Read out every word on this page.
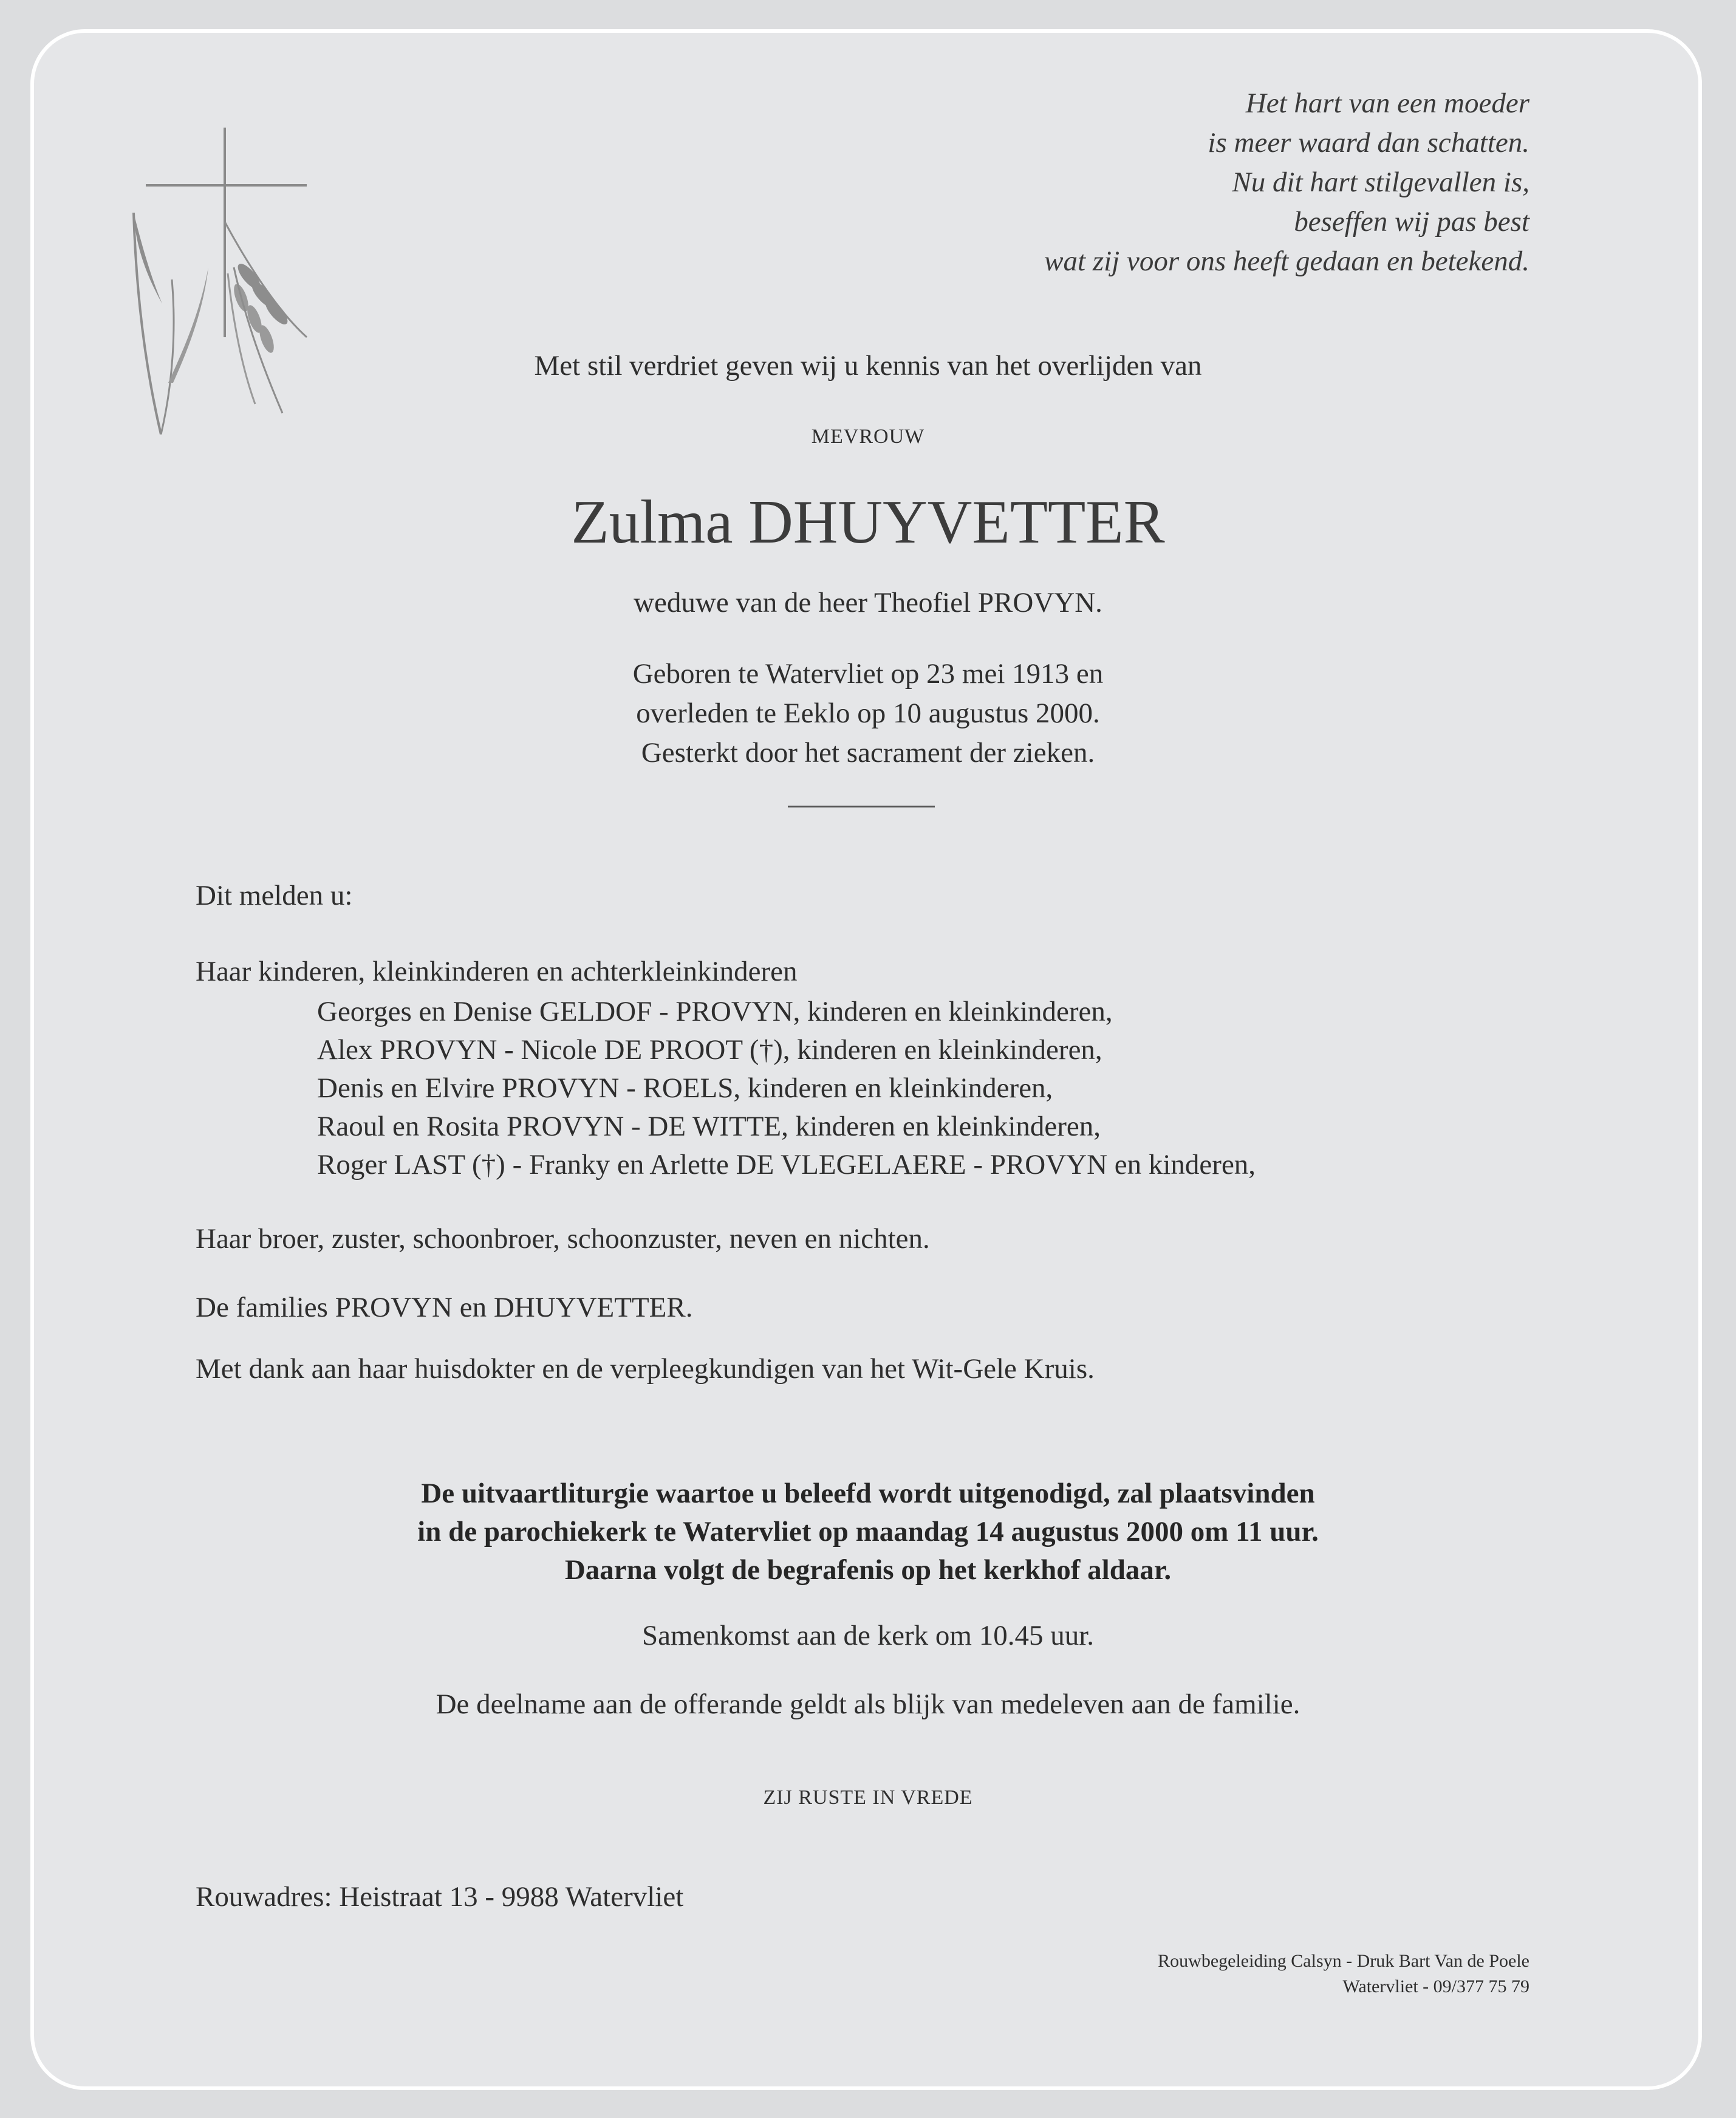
Het hart van een moeder
is meer waard dan schatten.
Nu dit hart stilgevallen is,
beseffen wij pas best
wat zij voor ons heeft gedaan en betekend.
Met stil verdriet geven wij u kennis van het overlijden van
MEVROUW
Zulma DHUYVETTER
weduwe van de heer Theofiel PROVYN.
Geboren te Watervliet op 23 mei 1913 en
overleden te Eeklo op 10 augustus 2000.
Gesterkt door het sacrament der zieken.
Dit melden u:
Haar kinderen, kleinkinderen en achterkleinkinderen
Georges en Denise GELDOF - PROVYN, kinderen en kleinkinderen,
Alex PROVYN - Nicole DE PROOT (†), kinderen en kleinkinderen,
Denis en Elvire PROVYN - ROELS, kinderen en kleinkinderen,
Raoul en Rosita PROVYN - DE WITTE, kinderen en kleinkinderen,
Roger LAST (†) - Franky en Arlette DE VLEGELAERE - PROVYN en kinderen,
Haar broer, zuster, schoonbroer, schoonzuster, neven en nichten.
De families PROVYN en DHUYVETTER.
Met dank aan haar huisdokter en de verpleegkundigen van het Wit-Gele Kruis.
De uitvaartliturgie waartoe u beleefd wordt uitgenodigd, zal plaatsvinden
in de parochiekerk te Watervliet op maandag 14 augustus 2000 om 11 uur.
Daarna volgt de begrafenis op het kerkhof aldaar.
Samenkomst aan de kerk om 10.45 uur.
De deelname aan de offerande geldt als blijk van medeleven aan de familie.
ZIJ RUSTE IN VREDE
Rouwadres: Heistraat 13 - 9988 Watervliet
Rouwbegeleiding Calsyn - Druk Bart Van de Poele
Watervliet - 09/377 75 79
